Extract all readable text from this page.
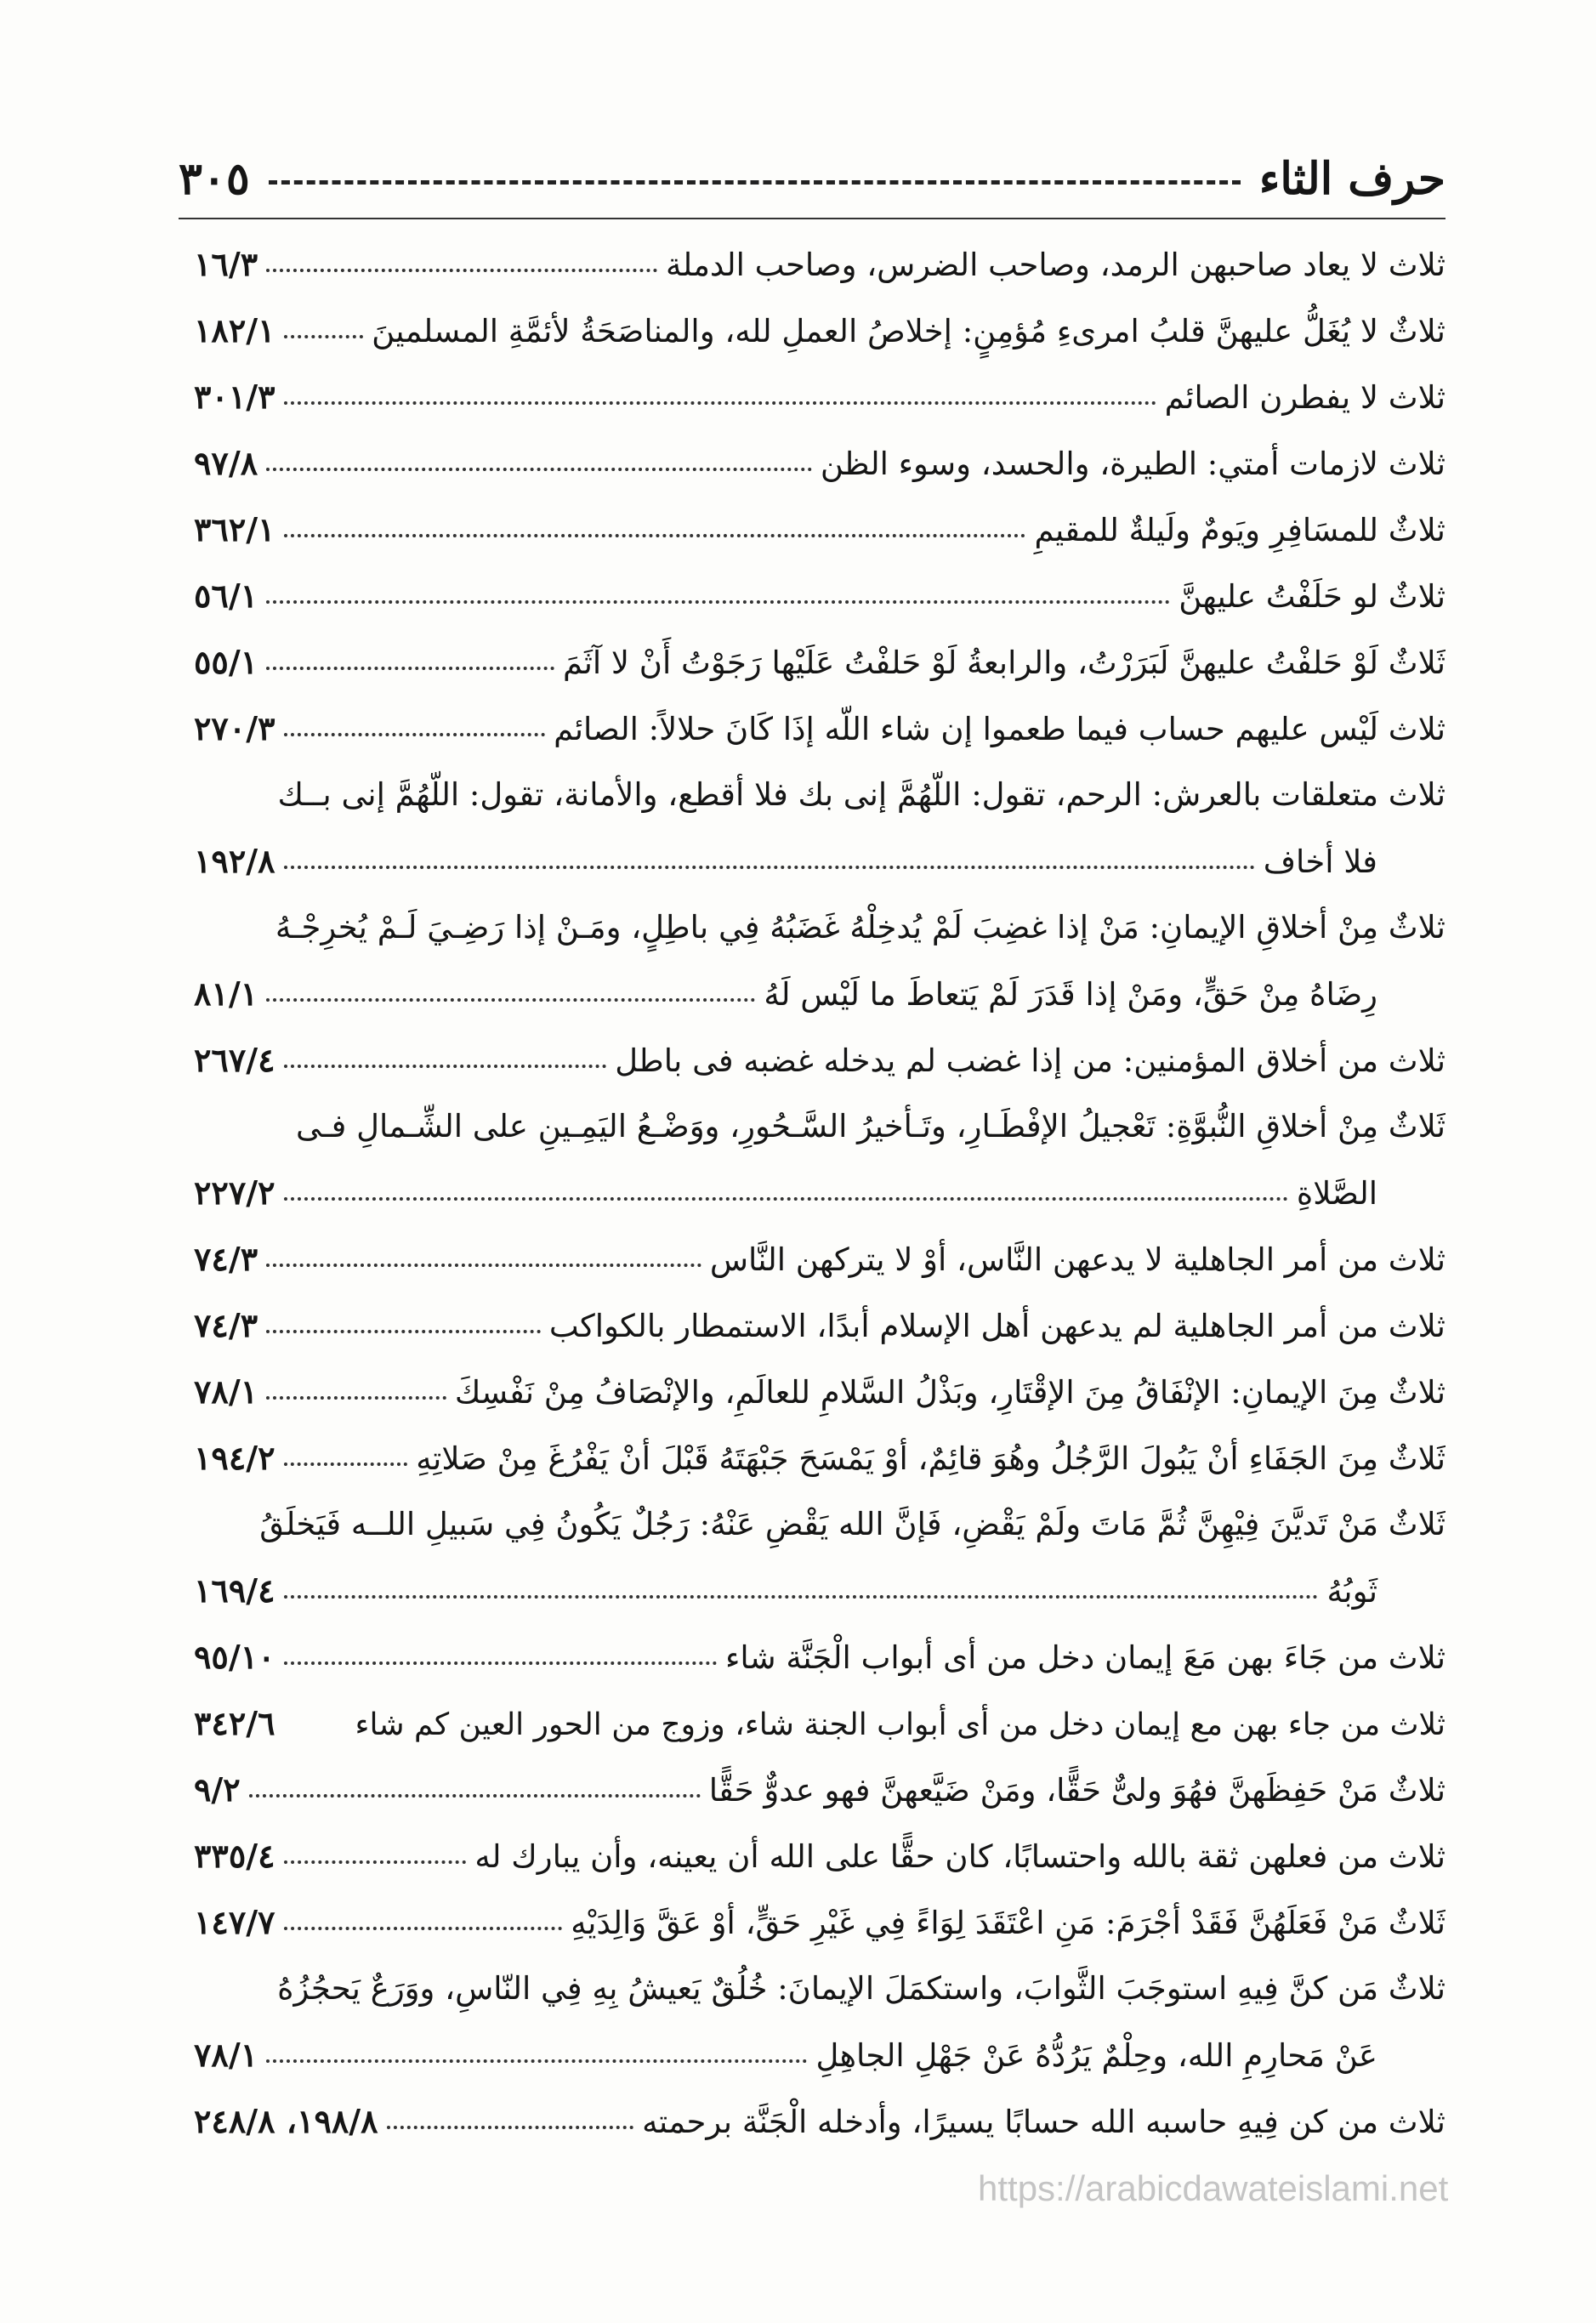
حرف الثاء
٣٠٥
ثلاث لا يعاد صاحبهن الرمد، وصاحب الضرس، وصاحب الدملة
١٦/٣
ثلاثٌ لا يُغَلُّ عليهنَّ قلبُ امرىءِ مُؤمِنٍ: إخلاصُ العملِ لله، والمناصَحَةُ لأئمَّةِ المسلمينَ
١٨٢/١
ثلاث لا يفطرن الصائم
٣٠١/٣
ثلاث لازمات أمتي: الطيرة، والحسد، وسوء الظن
٩٧/٨
ثلاثٌ للمسَافِرِ ويَومٌ ولَيلةٌ للمقيمِ
٣٦٢/١
ثلاثٌ لو حَلَفْتُ عليهنَّ
٥٦/١
ثَلاثٌ لَوْ حَلفْتُ عليهنَّ لَبَرَرْتُ، والرابعةُ لَوْ حَلفْتُ عَلَيْها رَجَوْتُ أَنْ لا آثَمَ
٥٥/١
ثلاث لَيْس عليهم حساب فيما طعموا إن شاء اللّه إذَا كَانَ حلالاً: الصائم
٢٧٠/٣
ثلاث متعلقات بالعرش: الرحم، تقول: اللّهُمَّ إنى بك فلا أقطع، والأمانة، تقول: اللّهُمَّ إنى بــك
فلا أخاف
١٩٢/٨
ثلاثٌ مِنْ أخلاقِ الإيمانِ: مَنْ إذا غضِبَ لَمْ يُدخِلْهُ غَضَبُهُ فِي باطِلٍ، ومَـنْ إذا رَضِـيَ لَـمْ يُخرِجْـهُ
رِضَاهُ مِنْ حَقٍّ، ومَنْ إذا قَدَرَ لَمْ يَتعاطَ ما لَيْس لَهُ
٨١/١
ثلاث من أخلاق المؤمنين: من إذا غضب لم يدخله غضبه فى باطل
٢٦٧/٤
ثَلاثٌ مِنْ أخلاقِ النُّبوَّةِ: تَعْجيلُ الإفْطَـارِ، وتَـأخيرُ السَّـحُورِ، ووَضْـعُ اليَمِـينِ على الشِّـمالِ فـى
الصَّلاةِ
٢٢٧/٢
ثلاث من أمر الجاهلية لا يدعهن النَّاس، أوْ لا يتركهن النَّاس
٧٤/٣
ثلاث من أمر الجاهلية لم يدعهن أهل الإسلام أبدًا، الاستمطار بالكواكب
٧٤/٣
ثلاثٌ مِنَ الإيمانِ: الإنْفَاقُ مِنَ الإقْتَارِ، وبَذْلُ السَّلامِ للعالَمِ، والإنْصَافُ مِنْ نَفْسِكَ
٧٨/١
ثَلاثٌ مِنَ الجَفَاءِ أنْ يَبُولَ الرَّجُلُ وهُوَ قائِمٌ، أوْ يَمْسَحَ جَبْهَتَهُ قَبْلَ أنْ يَفْرُغَ مِنْ صَلاتِهِ
١٩٤/٢
ثَلاثٌ مَنْ تَديَّنَ فِيْهِنَّ ثُمَّ مَاتَ ولَمْ يَقْضِ، فَإنَّ الله يَقْضِ عَنْهُ: رَجُلٌ يَكُونُ فِي سَبيلِ اللــه فَيَخلَقُ
ثَوبُهُ
١٦٩/٤
ثلاث من جَاءَ بهن مَعَ إيمان دخل من أى أبواب الْجَنَّة شاء
٩٥/١٠
ثلاث من جاء بهن مع إيمان دخل من أى أبواب الجنة شاء، وزوج من الحور العين كم شاء
٣٤٢/٦
ثلاثٌ مَنْ حَفِظَهنَّ فهُوَ ولىٌّ حَقًّا، ومَنْ ضَيَّعهنَّ فهو عدوٌّ حَقًّا
٩/٢
ثلاث من فعلهن ثقة بالله واحتسابًا، كان حقًّا على الله أن يعينه، وأن يبارك له
٣٣٥/٤
ثَلاثٌ مَنْ فَعَلَهُنَّ فَقَدْ أجْرَمَ: مَنِ اعْتَقَدَ لِوَاءً فِي غَيْرِ حَقٍّ، أوْ عَقَّ وَالِدَيْهِ
١٤٧/٧
ثلاثٌ مَن كنَّ فِيهِ استوجَبَ الثَّوابَ، واستكمَلَ الإيمانَ: خُلُقٌ يَعيشُ بِهِ فِي النّاسِ، ووَرَعٌ يَحجُزُهُ
عَنْ مَحارِمِ الله، وحِلْمٌ يَرُدُّهُ عَنْ جَهْلِ الجاهِلِ
٧٨/١
ثلاث من كن فِيهِ حاسبه الله حسابًا يسيرًا، وأدخله الْجَنَّة برحمته
١٩٨/٨، ٢٤٨/٨
https://arabicdawateislami.net
